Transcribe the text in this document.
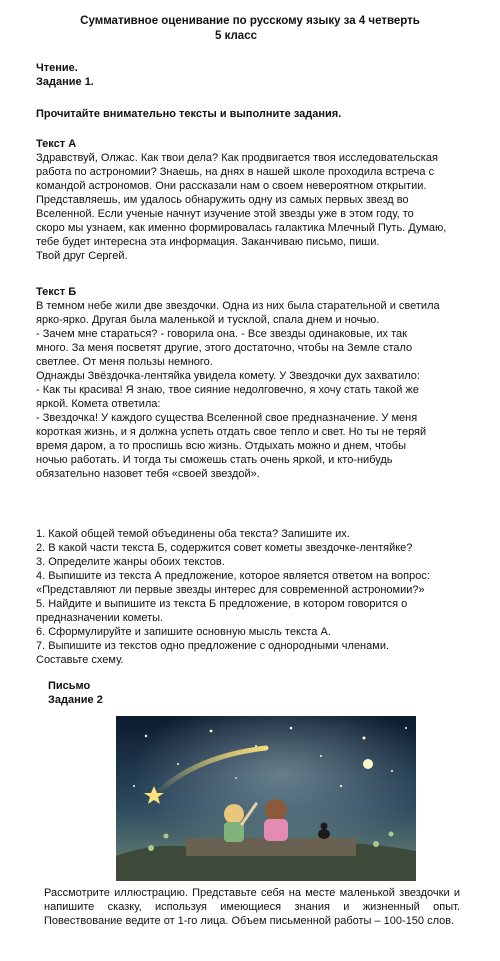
Суммативное оценивание по русскому языку за 4 четверть
5 класс
Чтение.
Задание 1.
Прочитайте внимательно тексты и выполните задания.
Текст А
Здравствуй, Олжас. Как твои дела? Как продвигается твоя исследовательская
работа по астрономии? Знаешь, на днях в нашей школе проходила встреча с
командой астрономов. Они рассказали нам о своем невероятном открытии.
Представляешь, им удалось обнаружить одну из самых первых звезд во
Вселенной. Если ученые начнут изучение этой звезды уже в этом году, то
скоро мы узнаем, как именно формировалась галактика Млечный Путь. Думаю,
тебе будет интересна эта информация. Заканчиваю письмо, пиши.
Твой друг Сергей.
Текст Б
В темном небе жили две звездочки. Одна из них была старательной и светила
ярко-ярко. Другая была маленькой и тусклой, спала днем и ночью.
- Зачем мне стараться? - говорила она. - Все звезды одинаковые, их так
много. За меня посветят другие, этого достаточно, чтобы на Земле стало
светлее. От меня пользы немного.
Однажды Звёздочка-лентяйка увидела комету. У Звездочки дух захватило:
- Как ты красива! Я знаю, твое сияние недолговечно, я хочу стать такой же
яркой. Комета ответила:
- Звездочка! У каждого существа Вселенной свое предназначение. У меня
короткая жизнь, и я должна успеть отдать свое тепло и свет. Но ты не теряй
время даром, а то проспишь всю жизнь. Отдыхать можно и днем, чтобы
ночью работать. И тогда ты сможешь стать очень яркой, и кто-нибудь
обязательно назовет тебя «своей звездой».
1. Какой общей темой объединены оба текста? Запишите их.
2. В какой части текста Б, содержится совет кометы звездочке-лентяйке?
3. Определите жанры обоих текстов.
4. Выпишите из текста А предложение, которое является ответом на вопрос:
«Представляют ли первые звезды интерес для современной астрономии?»
5. Найдите и выпишите из текста Б предложение, в котором говорится о
предназначении кометы.
6. Сформулируйте и запишите основную мысль текста А.
7. Выпишите из текстов одно предложение с однородными членами.
Составьте схему.
Письмо
Задание 2
Рассмотрите иллюстрацию. Представьте себя на месте маленькой звездочки и напишите сказку, используя имеющиеся знания и жизненный опыт. Повествование ведите от 1-го лица. Объем письменной работы – 100-150 слов.
